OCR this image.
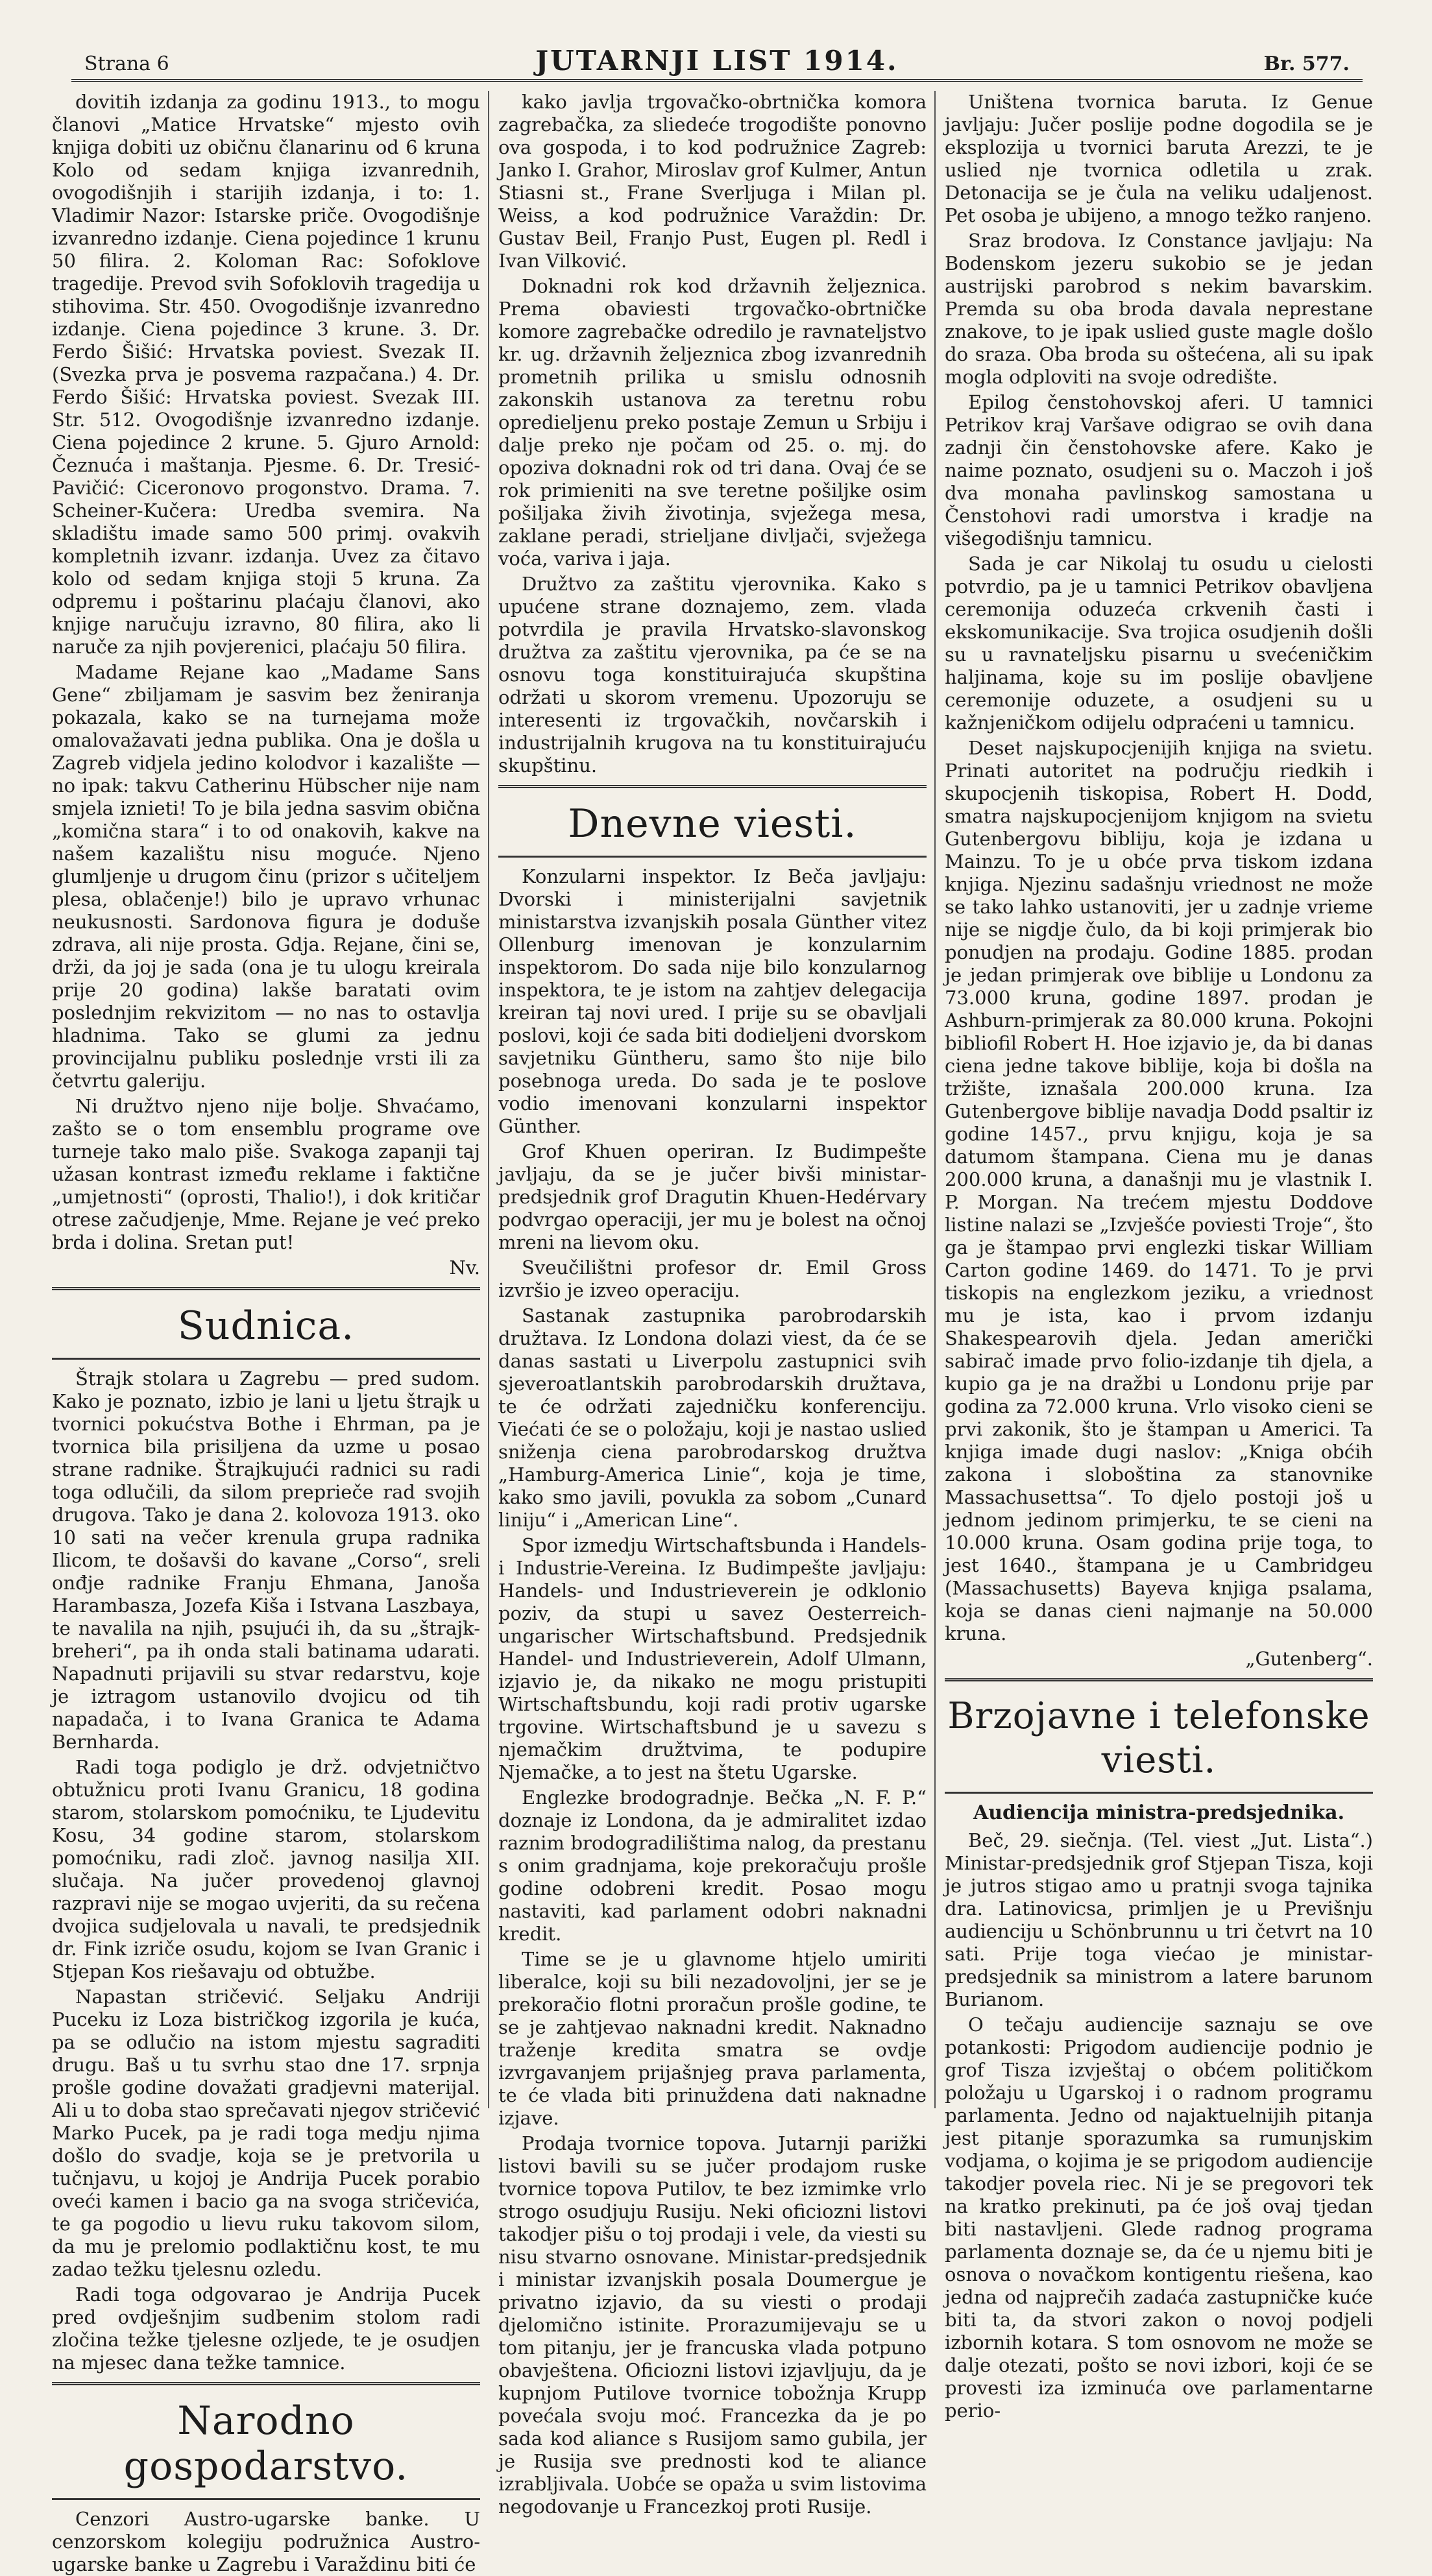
Strana 6	JUTARNJI LIST 1914.	Br. 577.

dovitih izdanja za godinu 1913., to mogu članovi „Matice Hrvatske“ mjesto ovih knjiga dobiti uz običnu članarinu od 6 kruna Kolo od sedam knjiga izvanrednih, ovogodišnjih i starijih izdanja, i to: 1. Vladimir Nazor: Istarske priče. Ovogodišnje izvanredno izdanje. Ciena pojedince 1 krunu 50 filira. 2. Koloman Rac: Sofoklove tragedije. Prevod svih Sofoklovih tragedija u stihovima. Str. 450. Ovogodišnje izvanredno izdanje. Ciena pojedince 3 krune. 3. Dr. Ferdo Šišić: Hrvatska poviest. Svezak II. (Svezka prva je posvema razpačana.) 4. Dr. Ferdo Šišić: Hrvatska poviest. Svezak III. Str. 512. Ovogodišnje izvanredno izdanje. Ciena pojedince 2 krune. 5. Gjuro Arnold: Čeznuća i maštanja. Pjesme. 6. Dr. Tresić-Pavičić: Ciceronovo progonstvo. Drama. 7. Scheiner-Kučera: Uredba svemira. Na skladištu imade samo 500 primj. ovakvih kompletnih izvanr. izdanja. Uvez za čitavo kolo od sedam knjiga stoji 5 kruna. Za odpremu i poštarinu plaćaju članovi, ako knjige naručuju izravno, 80 filira, ako li naruče za njih povjerenici, plaćaju 50 filira.

Madame Rejane kao „Madame Sans Gene“ zbiljamam je sasvim bez ženiranja pokazala, kako se na turnejama može omalovažavati jedna publika. Ona je došla u Zagreb vidjela jedino kolodvor i kazalište — no ipak: takvu Catherinu Hübscher nije nam smjela iznieti! To je bila jedna sasvim obična „komična stara“ i to od onakovih, kakve na našem kazalištu nisu moguće. Njeno glumljenje u drugom činu (prizor s učiteljem plesa, oblačenje!) bilo je upravo vrhunac neukusnosti. Sardonova figura je doduše zdrava, ali nije prosta. Gdja. Rejane, čini se, drži, da joj je sada (ona je tu ulogu kreirala prije 20 godina) lakše baratati ovim poslednjim rekvizitom — no nas to ostavlja hladnima. Tako se glumi za jednu provincijalnu publiku poslednje vrsti ili za četvrtu galeriju.

Ni družtvo njeno nije bolje. Shvaćamo, zašto se o tom ensemblu programe ove turneje tako malo piše. Svakoga zapanji taj užasan kontrast između reklame i faktične „umjetnosti“ (oprosti, Thalio!), i dok kritičar otrese začudjenje, Mme. Rejane je već preko brda i dolina. Sretan put!

Nv.

Sudnica.

Štrajk stolara u Zagrebu — pred sudom. Kako je poznato, izbio je lani u ljetu štrajk u tvornici pokućstva Bothe i Ehrman, pa je tvornica bila prisiljena da uzme u posao strane radnike. Štrajkujući radnici su radi toga odlučili, da silom preprieče rad svojih drugova. Tako je dana 2. kolovoza 1913. oko 10 sati na večer krenula grupa radnika Ilicom, te došavši do kavane „Corso“, sreli onđje radnike Franju Ehmana, Janoša Harambasza, Jozefa Kiša i Istvana Laszbaya, te navalila na njih, psujući ih, da su „štrajk-breheri“, pa ih onda stali batinama udarati. Napadnuti prijavili su stvar redarstvu, koje je iztragom ustanovilo dvojicu od tih napadača, i to Ivana Granica te Adama Bernharda.

Radi toga podiglo je drž. odvjetničtvo obtužnicu proti Ivanu Granicu, 18 godina starom, stolarskom pomoćniku, te Ljudevitu Kosu, 34 godine starom, stolarskom pomoćniku, radi zloč. javnog nasilja XII. slučaja. Na jučer provedenoj glavnoj razpravi nije se mogao uvjeriti, da su rečena dvojica sudjelovala u navali, te predsjednik dr. Fink izriče osudu, kojom se Ivan Granic i Stjepan Kos riešavaju od obtužbe.

Napastan stričević. Seljaku Andriji Puceku iz Loza bistričkog izgorila je kuća, pa se odlučio na istom mjestu sagraditi drugu. Baš u tu svrhu stao dne 17. srpnja prošle godine dovažati gradjevni materijal. Ali u to doba stao sprečavati njegov stričević Marko Pucek, pa je radi toga medju njima došlo do svadje, koja se je pretvorila u tučnjavu, u kojoj je Andrija Pucek porabio oveći kamen i bacio ga na svoga stričevića, te ga pogodio u lievu ruku takovom silom, da mu je prelomio podlaktičnu kost, te mu zadao težku tjelesnu ozledu.

Radi toga odgovarao je Andrija Pucek pred ovdješnjim sudbenim stolom radi zločina težke tjelesne ozljede, te je osudjen na mjesec dana težke tamnice.

Narodno gospodarstvo.

Cenzori Austro-ugarske banke. U cenzorskom kolegiju podružnica Austro-ugarske banke u Zagrebu i Varaždinu biti će

kako javlja trgovačko-obrtnička komora zagrebačka, za sliedeće trogodište ponovno ova gospoda, i to kod podružnice Zagreb: Janko I. Grahor, Miroslav grof Kulmer, Antun Stiasni st., Frane Sverljuga i Milan pl. Weiss, a kod podružnice Varaždin: Dr. Gustav Beil, Franjo Pust, Eugen pl. Redl i Ivan Vilković.

Doknadni rok kod državnih željeznica. Prema obaviesti trgovačko-obrtničke komore zagrebačke odredilo je ravnateljstvo kr. ug. državnih željeznica zbog izvanrednih prometnih prilika u smislu odnosnih zakonskih ustanova za teretnu robu opredieljenu preko postaje Zemun u Srbiju i dalje preko nje počam od 25. o. mj. do opoziva doknadni rok od tri dana. Ovaj će se rok primieniti na sve teretne pošiljke osim pošiljaka živih životinja, svježega mesa, zaklane peradi, strieljane divljači, svježega voća, variva i jaja.

Družtvo za zaštitu vjerovnika. Kako s upućene strane doznajemo, zem. vlada potvrdila je pravila Hrvatsko-slavonskog družtva za zaštitu vjerovnika, pa će se na osnovu toga konstituirajuća skupština održati u skorom vremenu. Upozoruju se interesenti iz trgovačkih, novčarskih i industrijalnih krugova na tu konstituirajuću skupštinu.

Dnevne viesti.

Konzularni inspektor. Iz Beča javljaju: Dvorski i ministerijalni savjetnik ministarstva izvanjskih posala Günther vitez Ollenburg imenovan je konzularnim inspektorom. Do sada nije bilo konzularnog inspektora, te je istom na zahtjev delegacija kreiran taj novi ured. I prije su se obavljali poslovi, koji će sada biti dodieljeni dvorskom savjetniku Güntheru, samo što nije bilo posebnoga ureda. Do sada je te poslove vodio imenovani konzularni inspektor Günther.

Grof Khuen operiran. Iz Budimpešte javljaju, da se je jučer bivši ministar-predsjednik grof Dragutin Khuen-Hedérvary podvrgao operaciji, jer mu je bolest na očnoj mreni na lievom oku.

Sveučilištni profesor dr. Emil Gross izvršio je izveo operaciju.

Sastanak zastupnika parobrodarskih družtava. Iz Londona dolazi viest, da će se danas sastati u Liverpolu zastupnici svih sjeveroatlantskih parobrodarskih družtava, te će održati zajedničku konferenciju. Viećati će se o položaju, koji je nastao uslied sniženja ciena parobrodarskog družtva „Hamburg-America Linie“, koja je time, kako smo javili, povukla za sobom „Cunard liniju“ i „American Line“.

Spor izmedju Wirtschaftsbunda i Handels- i Industrie-Vereina. Iz Budimpešte javljaju: Handels- und Industrieverein je odklonio poziv, da stupi u savez Oesterreich-ungarischer Wirtschaftsbund. Predsjednik Handel- und Industrieverein, Adolf Ulmann, izjavio je, da nikako ne mogu pristupiti Wirtschaftsbundu, koji radi protiv ugarske trgovine. Wirtschaftsbund je u savezu s njemačkim družtvima, te podupire Njemačke, a to jest na štetu Ugarske.

Englezke brodogradnje. Bečka „N. F. P.“ doznaje iz Londona, da je admiralitet izdao raznim brodogradilištima nalog, da prestanu s onim gradnjama, koje prekoračuju prošle godine odobreni kredit. Posao mogu nastaviti, kad parlament odobri naknadni kredit.

Time se je u glavnome htjelo umiriti liberalce, koji su bili nezadovoljni, jer se je prekoračio flotni proračun prošle godine, te se je zahtjevao naknadni kredit. Naknadno traženje kredita smatra se ovdje izvrgavanjem prijašnjeg prava parlamenta, te će vlada biti prinuždena dati naknadne izjave.

Prodaja tvornice topova. Jutarnji parižki listovi bavili su se jučer prodajom ruske tvornice topova Putilov, te bez izmimke vrlo strogo osudjuju Rusiju. Neki oficiozni listovi takodjer pišu o toj prodaji i vele, da viesti su nisu stvarno osnovane. Ministar-predsjednik i ministar izvanjskih posala Doumergue je privatno izjavio, da su viesti o prodaji djelomično istinite. Prorazumijevaju se u tom pitanju, jer je francuska vlada potpuno obavještena. Oficiozni listovi izjavljuju, da je kupnjom Putilove tvornice tobožnja Krupp povećala svoju moć. Francezka da je po sada kod aliance s Rusijom samo gubila, jer je Rusija sve prednosti kod te aliance izrabljivala. Uobće se opaža u svim listovima negodovanje u Francezkoj proti Rusije.

Uništena tvornica baruta. Iz Genue javljaju: Jučer poslije podne dogodila se je eksplozija u tvornici baruta Arezzi, te je uslied nje tvornica odletila u zrak. Detonacija se je čula na veliku udaljenost. Pet osoba je ubijeno, a mnogo težko ranjeno.

Sraz brodova. Iz Constance javljaju: Na Bodenskom jezeru sukobio se je jedan austrijski parobrod s nekim bavarskim. Premda su oba broda davala neprestane znakove, to je ipak uslied guste magle došlo do sraza. Oba broda su oštećena, ali su ipak mogla odploviti na svoje odredište.

Epilog čenstohovskoj aferi. U tamnici Petrikov kraj Varšave odigrao se ovih dana zadnji čin čenstohovske afere. Kako je naime poznato, osudjeni su o. Maczoh i još dva monaha pavlinskog samostana u Čenstohovi radi umorstva i kradje na višegodišnju tamnicu.

Sada je car Nikolaj tu osudu u cielosti potvrdio, pa je u tamnici Petrikov obavljena ceremonija oduzeća crkvenih časti i ekskomunikacije. Sva trojica osudjenih došli su u ravnateljsku pisarnu u svećeničkim haljinama, koje su im poslije obavljene ceremonije oduzete, a osudjeni su u kažnjeničkom odijelu odpraćeni u tamnicu.

Deset najskupocjenijih knjiga na svietu. Prinati autoritet na području riedkih i skupocjenih tiskopisa, Robert H. Dodd, smatra najskupocjenijom knjigom na svietu Gutenbergovu bibliju, koja je izdana u Mainzu. To je u obće prva tiskom izdana knjiga. Njezinu sadašnju vriednost ne može se tako lahko ustanoviti, jer u zadnje vrieme nije se nigdje čulo, da bi koji primjerak bio ponudjen na prodaju. Godine 1885. prodan je jedan primjerak ove biblije u Londonu za 73.000 kruna, godine 1897. prodan je Ashburn-primjerak za 80.000 kruna. Pokojni bibliofil Robert H. Hoe izjavio je, da bi danas ciena jedne takove biblije, koja bi došla na tržište, iznašala 200.000 kruna. Iza Gutenbergove biblije navadja Dodd psaltir iz godine 1457., prvu knjigu, koja je sa datumom štampana. Ciena mu je danas 200.000 kruna, a današnji mu je vlastnik I. P. Morgan. Na trećem mjestu Doddove listine nalazi se „Izvješće poviesti Troje“, što ga je štampao prvi englezki tiskar William Carton godine 1469. do 1471. To je prvi tiskopis na englezkom jeziku, a vriednost mu je ista, kao i prvom izdanju Shakespearovih djela. Jedan američki sabirač imade prvo folio-izdanje tih djela, a kupio ga je na dražbi u Londonu prije par godina za 72.000 kruna. Vrlo visoko cieni se prvi zakonik, što je štampan u Americi. Ta knjiga imade dugi naslov: „Kniga obćih zakona i sloboština za stanovnike Massachusettsa“. To djelo postoji još u jednom jedinom primjerku, te se cieni na 10.000 kruna. Osam godina prije toga, to jest 1640., štampana je u Cambridgeu (Massachusetts) Bayeva knjiga psalama, koja se danas cieni najmanje na 50.000 kruna.

„Gutenberg“.

Brzojavne i telefonske viesti.

Audiencija ministra-predsjednika.

Beč, 29. siečnja. (Tel. viest „Jut. Lista“.) Ministar-predsjednik grof Stjepan Tisza, koji je jutros stigao amo u pratnji svoga tajnika dra. Latinovicsa, primljen je u Previšnju audienciju u Schönbrunnu u tri četvrt na 10 sati. Prije toga viećao je ministar-predsjednik sa ministrom a latere barunom Burianom.

O tečaju audiencije saznaju se ove potankosti: Prigodom audiencije podnio je grof Tisza izvještaj o obćem političkom položaju u Ugarskoj i o radnom programu parlamenta. Jedno od najaktuelnijih pitanja jest pitanje sporazumka sa rumunjskim vodjama, o kojima je se prigodom audiencije takodjer povela riec. Ni je se pregovori tek na kratko prekinuti, pa će još ovaj tjedan biti nastavljeni. Glede radnog programa parlamenta doznaje se, da će u njemu biti je osnova o novačkom kontigentu riešena, kao jedna od najprečih zadaća zastupničke kuće biti ta, da stvori zakon o novoj podjeli izbornih kotara. S tom osnovom ne može se dalje otezati, pošto se novi izbori, koji će se provesti iza izminuća ove parlamentarne perio-
